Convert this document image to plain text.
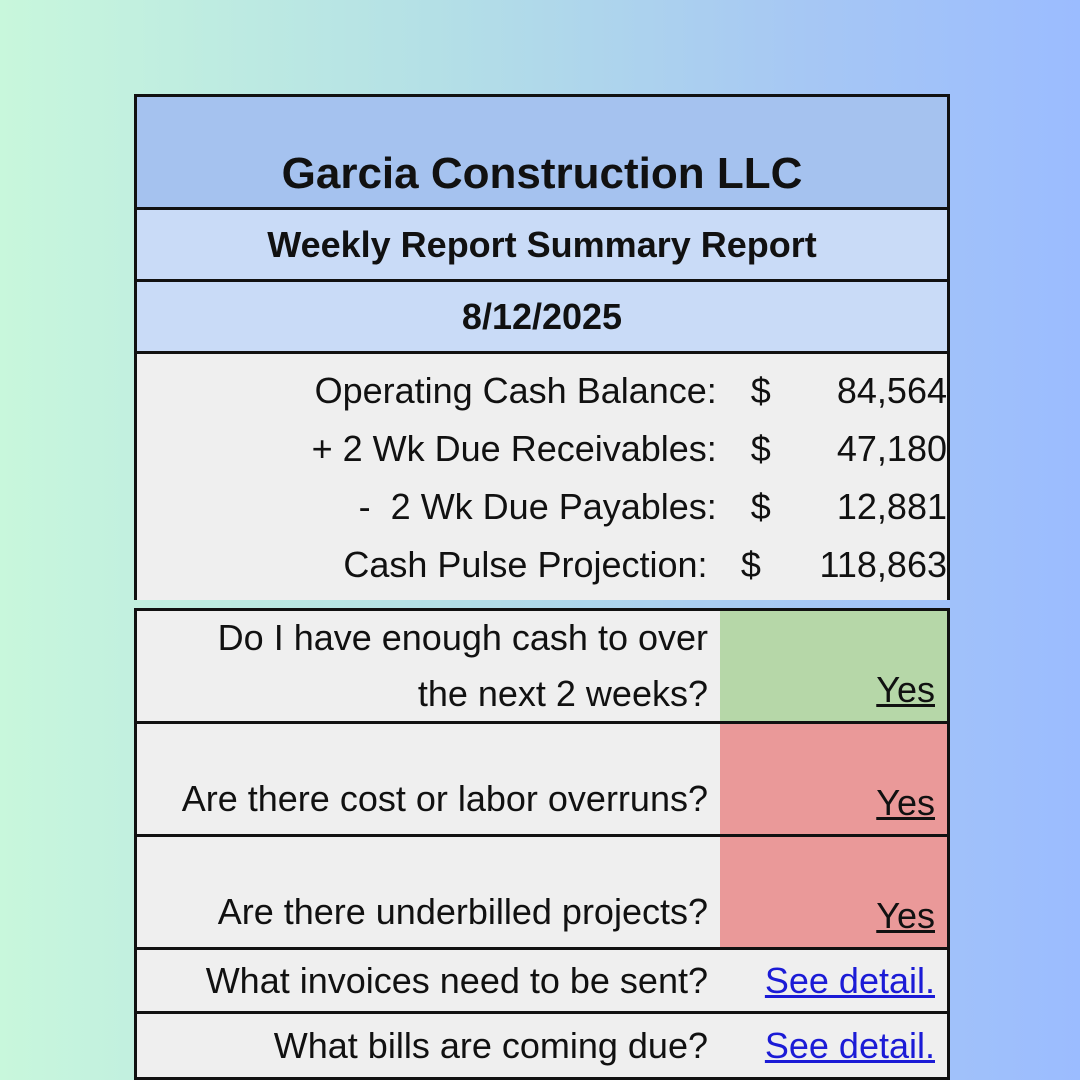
Garcia Construction LLC
Weekly Report Summary Report
8/12/2025
Operating Cash Balance: $	84,564
+ 2 Wk Due Receivables: $	47,180
-  2 Wk Due Payables: $	12,881
Cash Pulse Projection: $	118,863
Do I have enough cash to over
the next 2 weeks?	Yes
Are there cost or labor overruns?	Yes
Are there underbilled projects?	Yes
What invoices need to be sent? See detail.
What bills are coming due? See detail.
